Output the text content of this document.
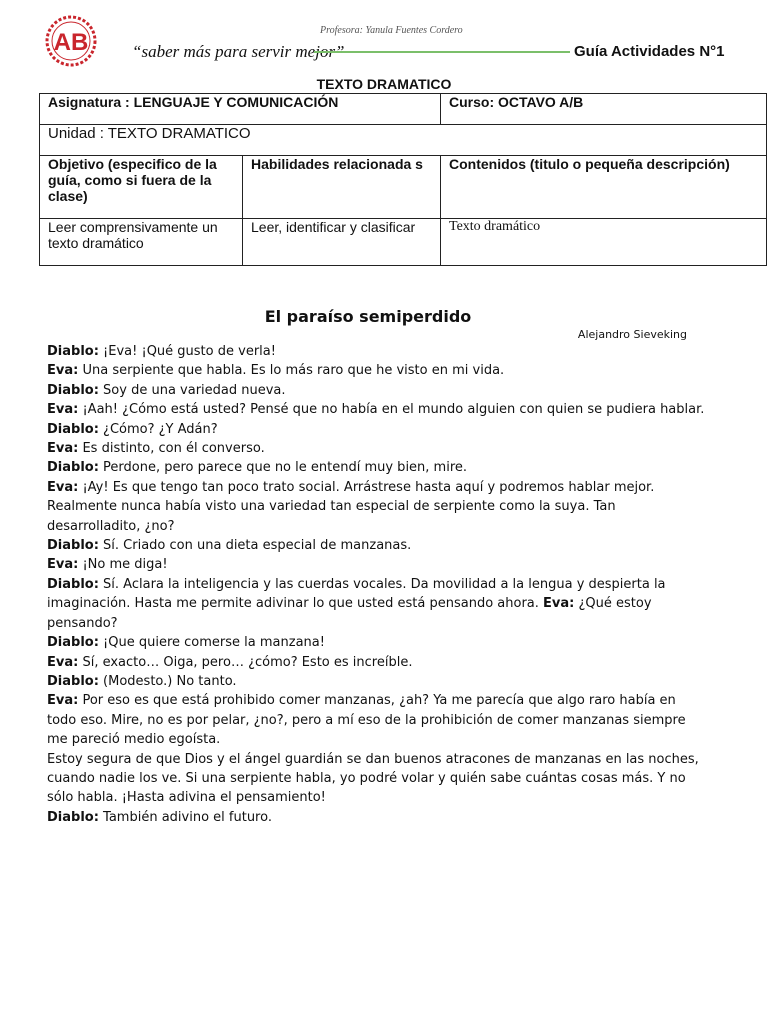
AB	“saber más para servir mejor”
Profesora: Yanula Fuentes Cordero
Guía Actividades N°1
TEXTO DRAMATICO
Asignatura : LENGUAJE Y COMUNICACIÓN		Curso: OCTAVO A/B
Unidad : TEXTO DRAMATICO		
Objetivo (especifico de la guía, como si fuera de la clase)	Habilidades relacionada s	Contenidos (titulo o pequeña descripción)
Leer comprensivamente un texto dramático	Leer, identificar y clasificar	Texto dramático
El paraíso semiperdido
Alejandro Sieveking

Diablo: ¡Eva! ¡Qué gusto de verla!

Eva: Una serpiente que habla. Es lo más raro que he visto en mi vida.

Diablo: Soy de una variedad nueva.

Eva: ¡Aah! ¿Cómo está usted? Pensé que no había en el mundo alguien con quien se pudiera hablar.

Diablo: ¿Cómo? ¿Y Adán?

Eva: Es distinto, con él converso.

Diablo: Perdone, pero parece que no le entendí muy bien, mire.

Eva: ¡Ay! Es que tengo tan poco trato social. Arrástrese hasta aquí y podremos hablar mejor. Realmente nunca había visto una variedad tan especial de serpiente como la suya. Tan desarrolladito, ¿no?

Diablo: Sí. Criado con una dieta especial de manzanas.

Eva: ¡No me diga!

Diablo: Sí. Aclara la inteligencia y las cuerdas vocales. Da movilidad a la lengua y despierta la imaginación. Hasta me permite adivinar lo que usted está pensando ahora. Eva: ¿Qué estoy pensando?

Diablo: ¡Que quiere comerse la manzana!

Eva: Sí, exacto… Oiga, pero… ¿cómo? Esto es increíble.

Diablo: (Modesto.) No tanto.

Eva: Por eso es que está prohibido comer manzanas, ¿ah? Ya me parecía que algo raro había en todo eso. Mire, no es por pelar, ¿no?, pero a mí eso de la prohibición de comer manzanas siempre me pareció medio egoísta.

Estoy segura de que Dios y el ángel guardián se dan buenos atracones de manzanas en las noches, cuando nadie los ve. Si una serpiente habla, yo podré volar y quién sabe cuántas cosas más. Y no sólo habla. ¡Hasta adivina el pensamiento!

Diablo: También adivino el futuro.
